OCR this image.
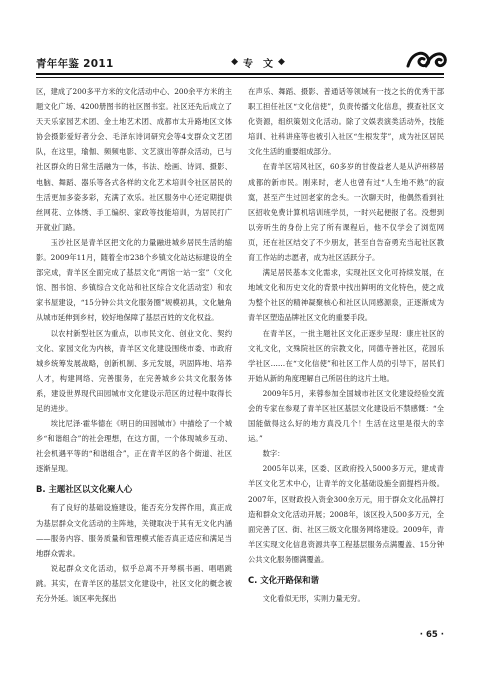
青年年鉴 2011	◆ 专　文 ◆

区，建成了200多平方米的文化活动中心、200余平方米的主题文化广场、4200册图书的社区图书室。社区还先后成立了天天乐家园艺术团、金土地艺术团、成都市太升路地区文体协会摄影爱好者分会、毛泽东诗词研究会等4支群众文艺团队，在这里，瑜伽、频频电影、文艺演出等群众活动，已与社区群众的日常生活融为一体，书法、绘画、诗词、摄影、电脑、舞蹈、器乐等各式各样的文化艺术培训令社区居民的生活更加多姿多彩，充满了欢乐。社区服务中心还定期提供丝网花、立体绣、手工编织、家政等技能培训，为居民打广开就业门路。

玉沙社区是青羊区把文化的力量融进城乡居民生活的缩影。2009年11月，随着全市238个乡镇文化站达标建设的全部完成，青羊区全面完成了基层文化“两馆一站一室”（文化馆、图书馆、乡镇综合文化站和社区综合文化活动室）和农家书屋建设，“15分钟公共文化服务圈”规模初具，文化触角从城市延伸到乡村，较好地保障了基层百姓的文化权益。

以农村新型社区为重点，以市民文化、创业文化、契约文化、家园文化为内核，青羊区文化建设围绕市委、市政府城乡统筹发展战略，创新机制、多元发展，巩固阵地、培养人才，构建网络、完善服务，在完善城乡公共文化服务体系，建设世界现代田园城市文化建设示范区的过程中取得长足的进步。

埃比尼泽·霍华德在《明日的田园城市》中描绘了一个城乡“和谐组合”的社会理想，在这方面，一个体现城乡互动、社会机遇平等的“和谐组合”，正在青羊区的各个街道、社区逐渐呈现。

B. 主题社区以文化聚人心

有了良好的基础设施建设，能否充分发挥作用，真正成为基层群众文化活动的主阵地，关键取决于其有无文化内涵——服务内容、服务质量和管理模式能否真正适应和满足当地群众需求。

说起群众文化活动，似乎总离不开琴棋书画、唱唱跳跳。其实，在青羊区的基层文化建设中，社区文化的概念被充分外延。该区率先探出

在声乐、舞蹈、摄影、普通话等领域有一技之长的优秀干部职工担任社区“文化信使”，负责传播文化信息，摸查社区文化资源，组织策划文化活动。除了文娱表演类活动外，技能培训、社科讲座等也被引入社区“生根发芽”，成为社区居民文化生活的重要组成部分。

在青羊区培风社区，60多岁的甘俊益老人是从泸州移居成都的新市民。刚来时，老人也曾有过“人生地不熟”的寂寞，甚至产生过回老家的念头。一次聊天时，他偶然看到社区招收免费计算机培训班学员，一时兴起便报了名。没想到以旁听生的身份上完了所有课程后，他不仅学会了浏览网页，还在社区结交了不少朋友，甚至自告奋勇充当起社区教育工作站的志愿者，成为社区活跃分子。

满足居民基本文化需求，实现社区文化可持续发展，在地域文化和历史文化的背景中找出鲜明的文化特色，使之成为整个社区的精神凝聚核心和社区认同感源泉，正逐渐成为青羊区塑造品牌社区文化的重要手段。

在青羊区，一批主题社区文化正逐步呈现：康庄社区的文礼文化，文殊院社区的宗教文化，同德寺善社区，花园乐学社区……在“文化信使”和社区工作人员的引导下，居民们开始从新的角度理解自己所居住的这片土地。

2009年5月，来蓉参加全国城市社区文化建设经验交流会的专家在参观了青羊区社区基层文化建设后不禁感慨：“全国能做得这么好的地方真没几个！生活在这里是很大的幸运。”

数字：

2005年以来，区委、区政府投入5000多万元，建成青羊区文化艺术中心，让青羊的文化基础设施全面提档升级。2007年，区财政投入资金300余万元，用于群众文化品牌打造和群众文化活动开展；2008年，该区投入500多万元，全面完善了区、街、社区三级文化服务网络建设。2009年，青羊区实现文化信息资源共享工程基层服务点满覆盖、15分钟公共文化服务圈满覆盖。

C. 文化开路保和谐

文化看似无形，实则力量无穷。

· 65 ·
